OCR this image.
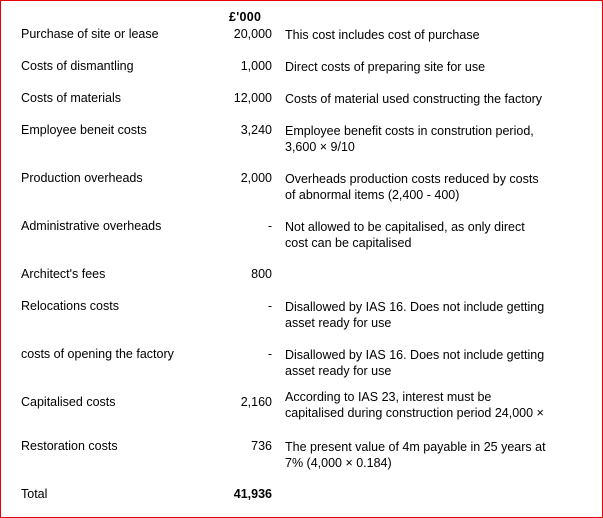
£'000
Purchase of site or lease	20,000 This cost includes cost of purchase
Costs of dismantling	1,000 Direct costs of preparing site for use
Costs of materials	12,000 Costs of material used constructing the factory
Employee beneit costs	3,240 Employee benefit costs in constrution period,
3,600 × 9/10
Production overheads	2,000 Overheads production costs reduced by costs
of abnormal items (2,400 - 400)
Administrative overheads	- Not allowed to be capitalised, as only direct
cost can be capitalised
Architect's fees	800
Relocations costs	- Disallowed by IAS 16. Does not include getting
asset ready for use
costs of opening the factory	- Disallowed by IAS 16. Does not include getting
asset ready for use
Capitalised costs	2,160 According to IAS 23, interest must be
capitalised during construction period 24,000 ×
Restoration costs	736 The present value of 4m payable in 25 years at
7% (4,000 × 0.184)
Total	41,936
